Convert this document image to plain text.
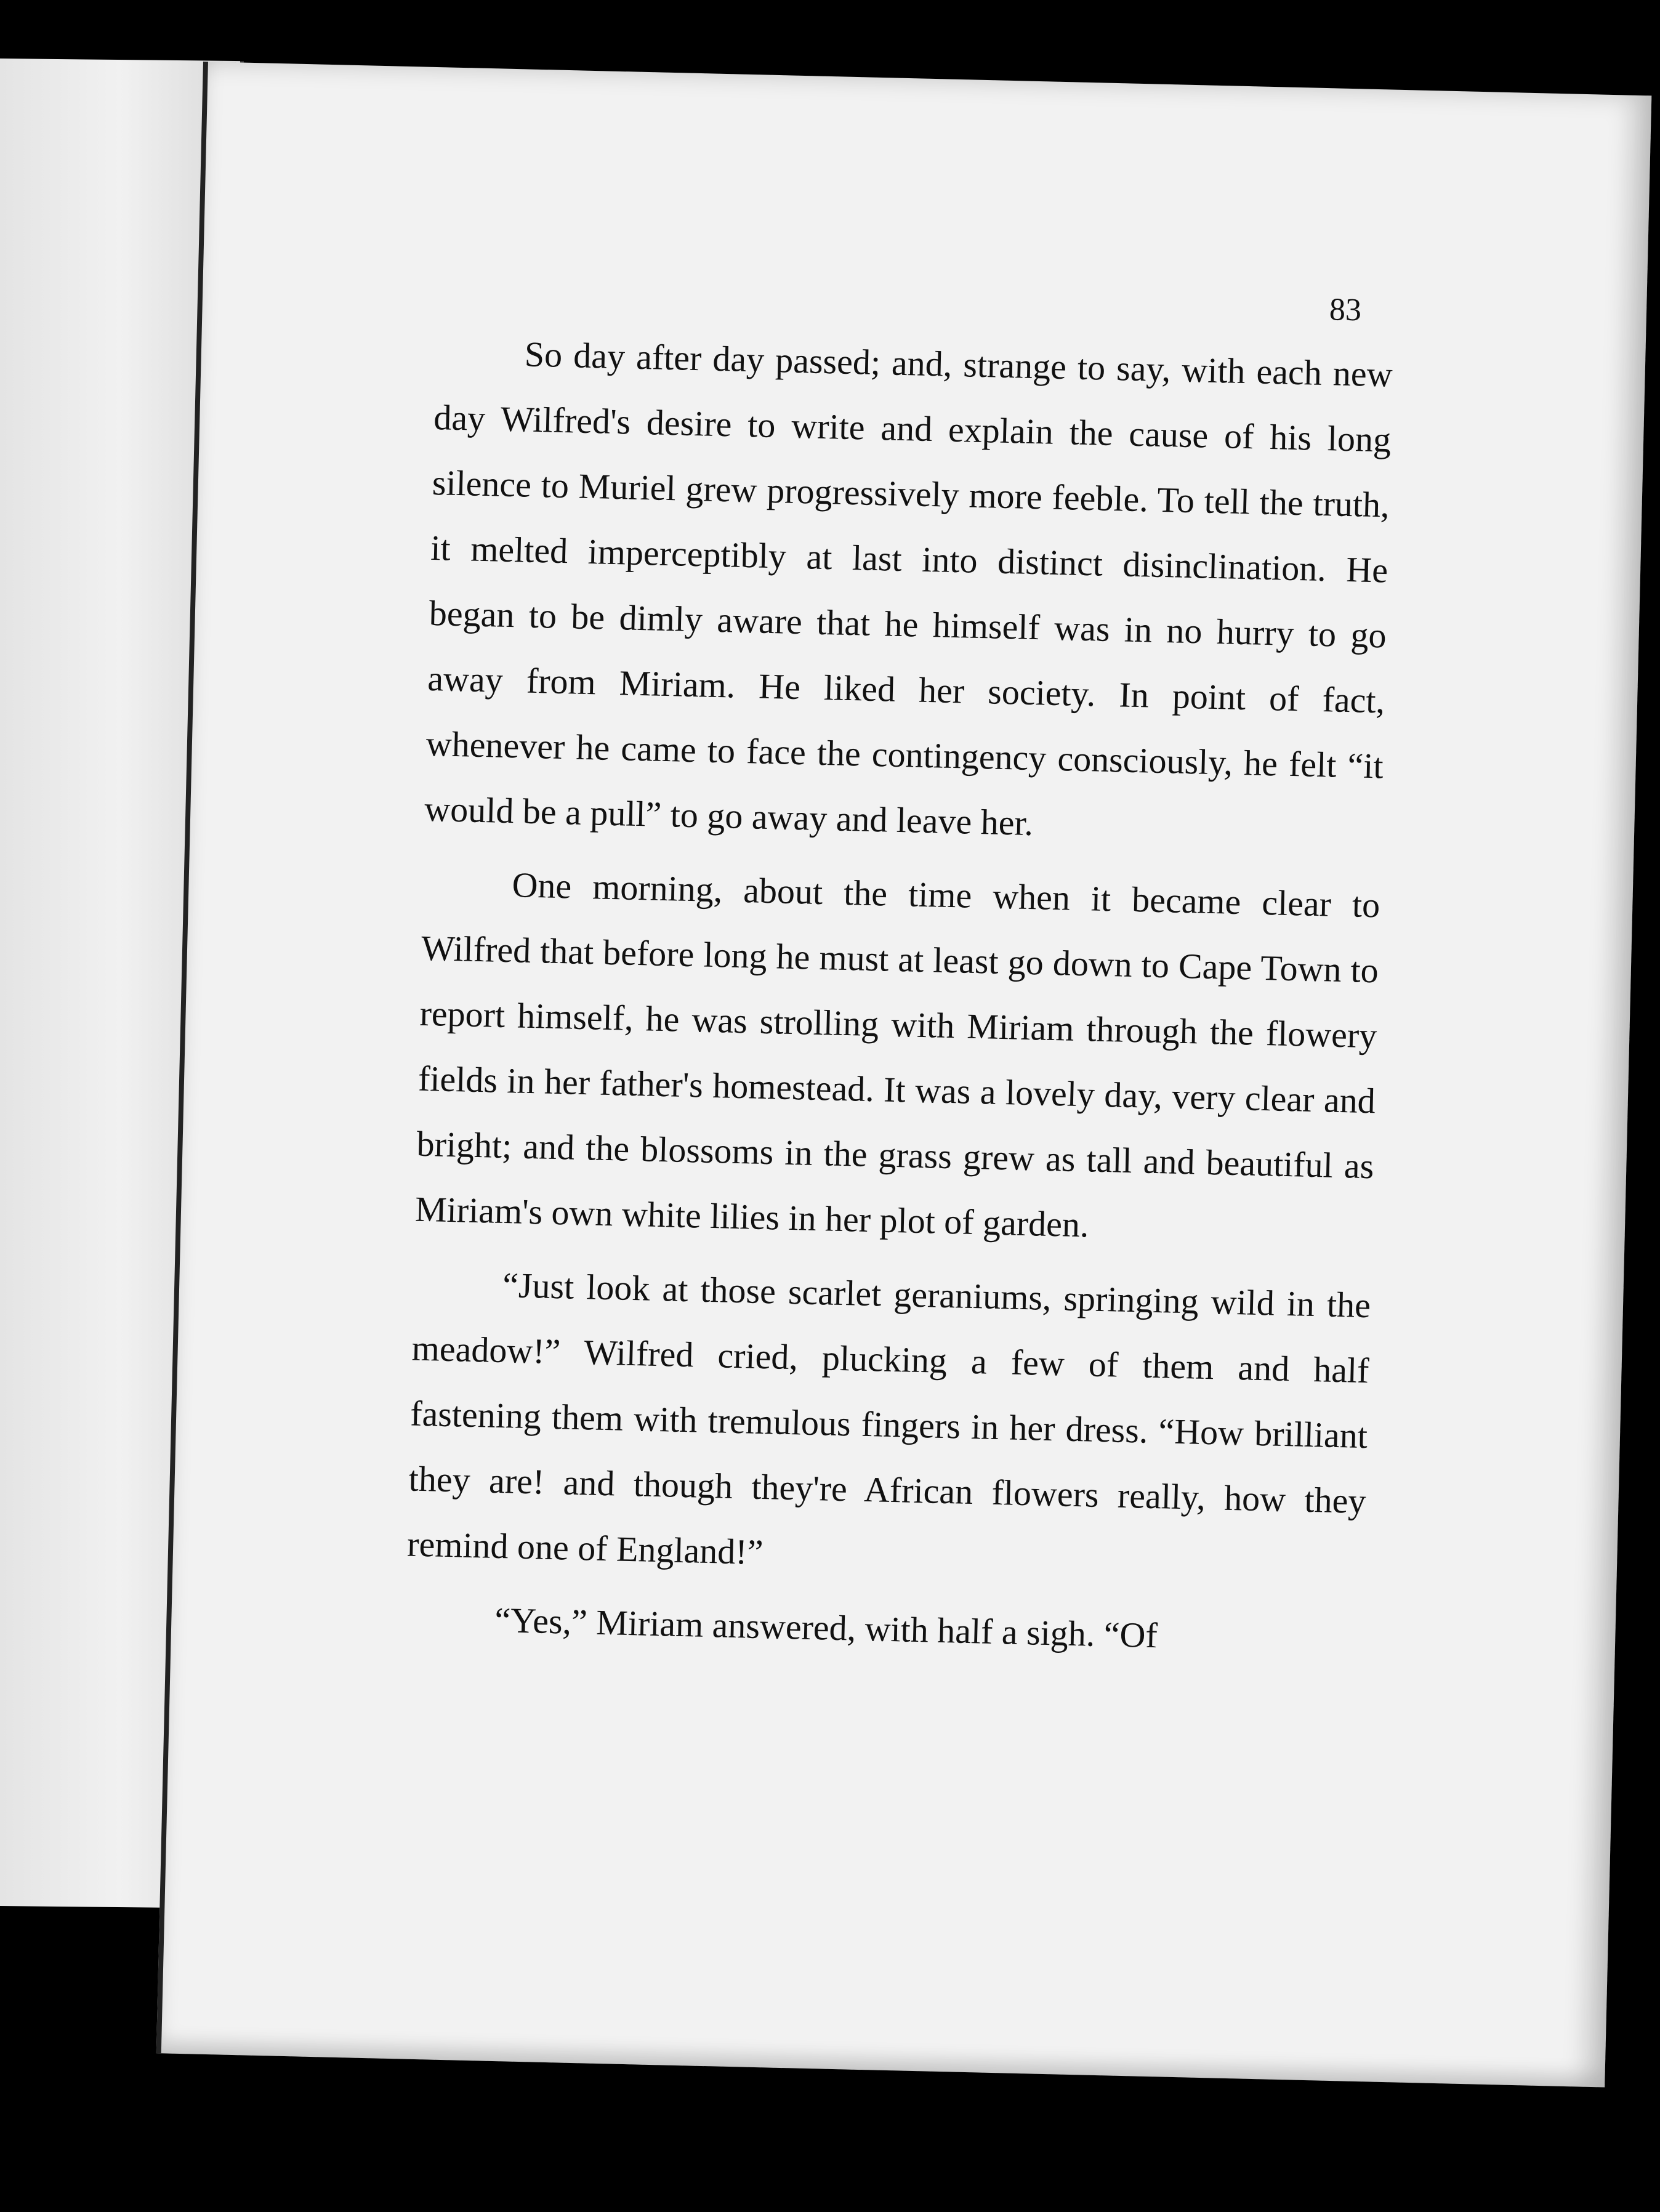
83

So day after day passed; and, strange to say, with each new day Wilfred's desire to write and explain the cause of his long silence to Muriel grew progressively more feeble. To tell the truth, it melted imperceptibly at last into distinct disinclination. He began to be dimly aware that he himself was in no hurry to go away from Miriam. He liked her society. In point of fact, whenever he came to face the contingency consciously, he felt “it would be a pull” to go away and leave her.

One morning, about the time when it became clear to Wilfred that before long he must at least go down to Cape Town to report himself, he was strolling with Miriam through the flowery fields in her father's homestead. It was a lovely day, very clear and bright; and the blossoms in the grass grew as tall and beautiful as Miriam's own white lilies in her plot of garden.

“Just look at those scarlet geraniums, springing wild in the meadow!” Wilfred cried, plucking a few of them and half fastening them with tremulous fingers in her dress. “How brilliant they are! and though they're African flowers really, how they remind one of England!”

“Yes,” Miriam answered, with half a sigh. “Of
